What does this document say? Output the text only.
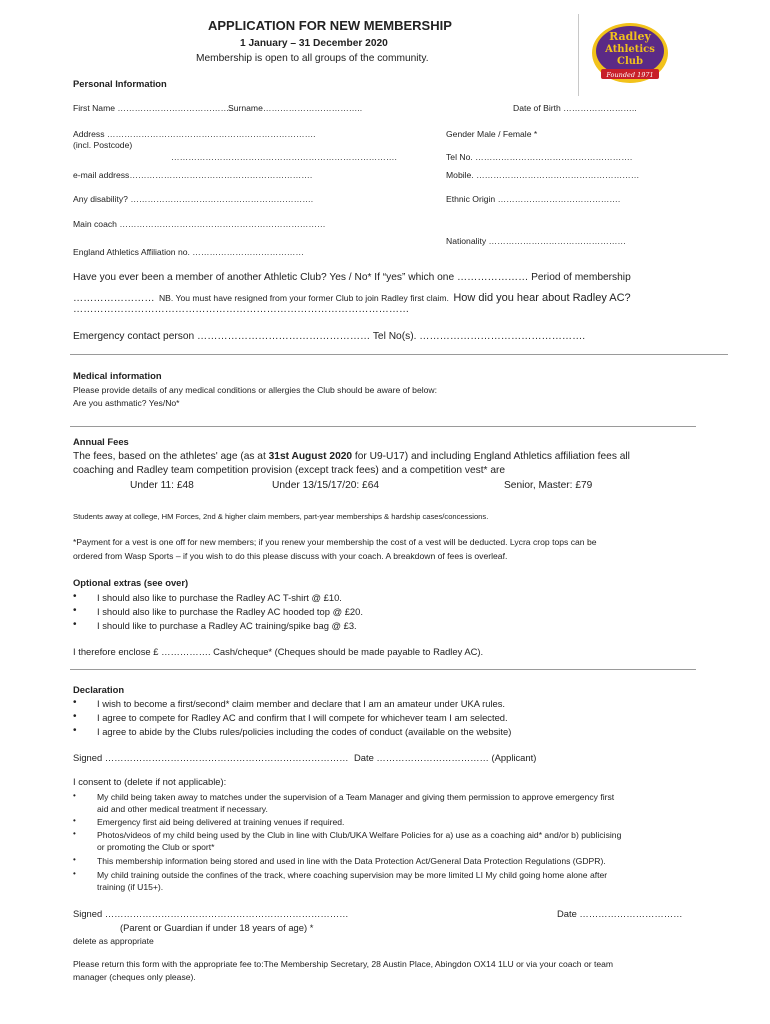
APPLICATION FOR NEW MEMBERSHIP
1 January – 31 December 2020
Membership is open to all groups of the community.
Radley
Athletics
Club
Founded 1971
Personal Information
First Name ………………………………….
Surname……………………………..	Date of Birth ……………………..
Address ……………………………………………………………….
(incl. Postcode)
…………………………………………………………………….
Gender Male / Female *
Tel No. ……………………………………………….
e-mail address……………………………………………………….	Mobile. …………………………………………………
Any disability? ……………………………………………………….	Ethnic Origin …………………………………….
Main coach ………………………………………………………………
Nationality …………………………………………
England Athletics Affiliation no. …………………………………
Have you ever been a member of another Athletic Club? Yes / No* If “yes” which one ………………… Period of membership
…………………… NB. You must have resigned from your former Club to join Radley first claim. How did you hear about Radley AC?
………………………………………………………………………………………
Emergency contact person …………………………………………… Tel No(s). ………………………………………….
Medical information
Please provide details of any medical conditions or allergies the Club should be aware of below:
Are you asthmatic? Yes/No*
Annual Fees
The fees, based on the athletes' age (as at 31st August 2020 for U9-U17) and including England Athletics affiliation fees all
coaching and Radley team competition provision (except track fees) and a competition vest* are
Under 11: £48	Under 13/15/17/20: £64	Senior, Master: £79
Students away at college, HM Forces, 2nd & higher claim members, part-year memberships & hardship cases/concessions.
*Payment for a vest is one off for new members; if you renew your membership the cost of a vest will be deducted. Lycra crop tops can be
ordered from Wasp Sports – if you wish to do this please discuss with your coach. A breakdown of fees is overleaf.
Optional extras (see over)
• I should also like to purchase the Radley AC T-shirt @ £10.
• I should also like to purchase the Radley AC hooded top @ £20.
• I should like to purchase a Radley AC training/spike bag @ £3.
I therefore enclose £ ……………. Cash/cheque* (Cheques should be made payable to Radley AC).
Declaration
• I wish to become a first/second* claim member and declare that I am an amateur under UKA rules.
• I agree to compete for Radley AC and confirm that I will compete for whichever team I am selected.
• I agree to abide by the Clubs rules/policies including the codes of conduct (available on the website)
Signed …………………………………………………………………… Date ……………………………… (Applicant)
I consent to (delete if not applicable):
• My child being taken away to matches under the supervision of a Team Manager and giving them permission to approve emergency first
aid and other medical treatment if necessary.
• Emergency first aid being delivered at training venues if required.
• Photos/videos of my child being used by the Club in line with Club/UKA Welfare Policies for a) use as a coaching aid* and/or b) publicising
or promoting the Club or sport*
• This membership information being stored and used in line with the Data Protection Act/General Data Protection Regulations (GDPR).
• My child training outside the confines of the track, where coaching supervision may be more limited LI My child going home alone after
training (if U15+).
Signed ……………………………………………………………………	Date ……………………………
(Parent or Guardian if under 18 years of age) *
delete as appropriate
Please return this form with the appropriate fee to:The Membership Secretary, 28 Austin Place, Abingdon OX14 1LU or via your coach or team
manager (cheques only please).
